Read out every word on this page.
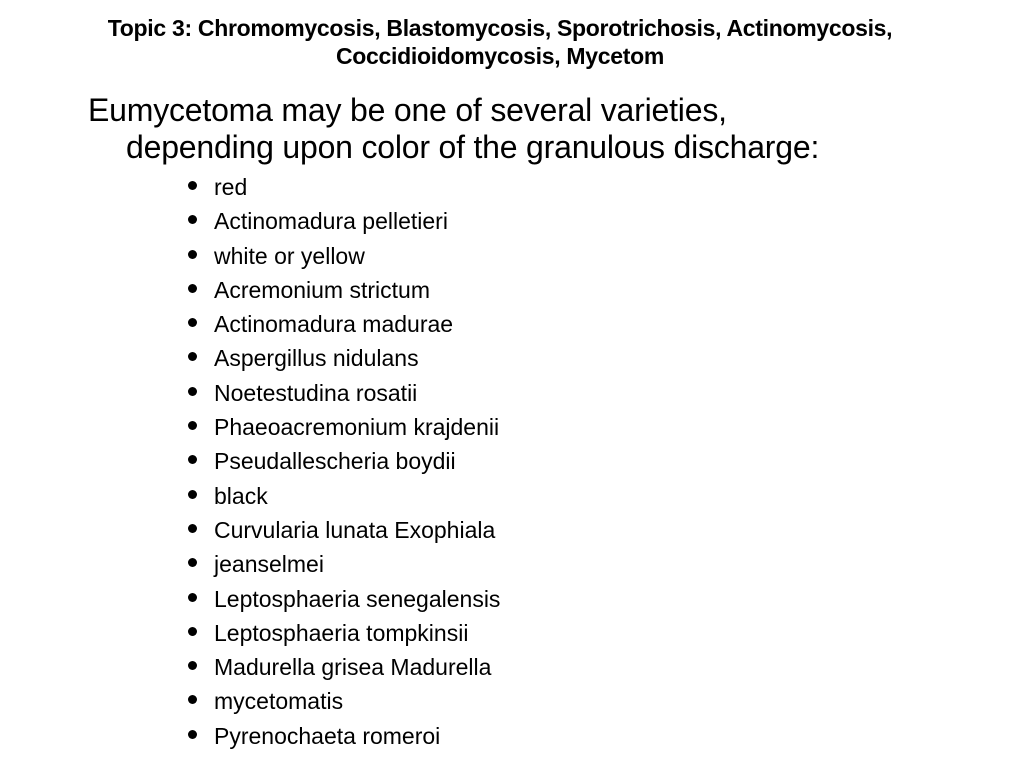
Topic 3: Chromomycosis, Blastomycosis, Sporotrichosis, Actinomycosis,
Coccidioidomycosis, Mycetom
Eumycetoma may be one of several varieties,
depending upon color of the granulous discharge:
red
Actinomadura pelletieri
white or yellow
Acremonium strictum
Actinomadura madurae
Aspergillus nidulans
Noetestudina rosatii
Phaeoacremonium krajdenii
Pseudallescheria boydii
black
Curvularia lunata Exophiala
jeanselmei
Leptosphaeria senegalensis
Leptosphaeria tompkinsii
Madurella grisea Madurella
mycetomatis
Pyrenochaeta romeroi
